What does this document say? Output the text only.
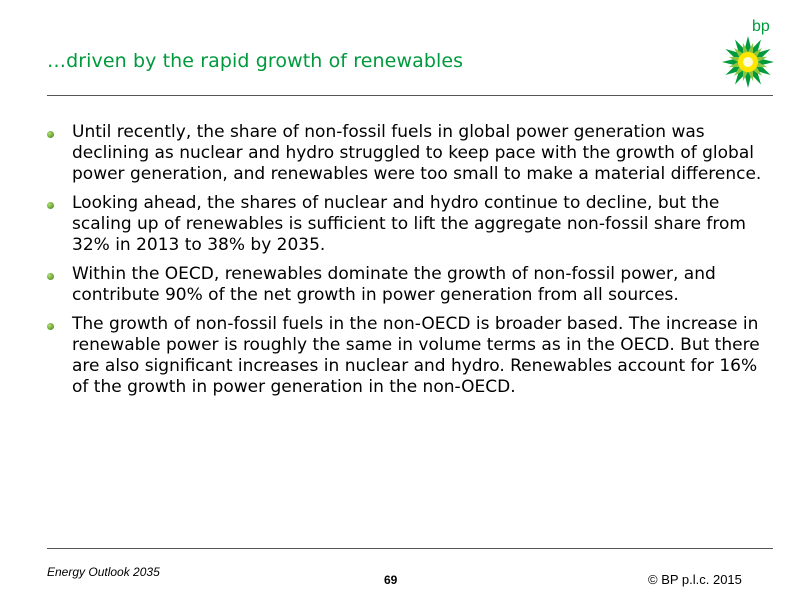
…driven by the rapid growth of renewables
bp
Until recently, the share of non-fossil fuels in global power generation was declining as nuclear and hydro struggled to keep pace with the growth of global power generation, and renewables were too small to make a material difference.
Looking ahead, the shares of nuclear and hydro continue to decline, but the scaling up of renewables is sufficient to lift the aggregate non-fossil share from 32% in 2013 to 38% by 2035.
Within the OECD, renewables dominate the growth of non-fossil power, and contribute 90% of the net growth in power generation from all sources.
The growth of non-fossil fuels in the non-OECD is broader based. The increase in renewable power is roughly the same in volume terms as in the OECD. But there are also significant increases in nuclear and hydro. Renewables account for 16% of the growth in power generation in the non-OECD.
Energy Outlook 2035
69	© BP p.l.c. 2015
